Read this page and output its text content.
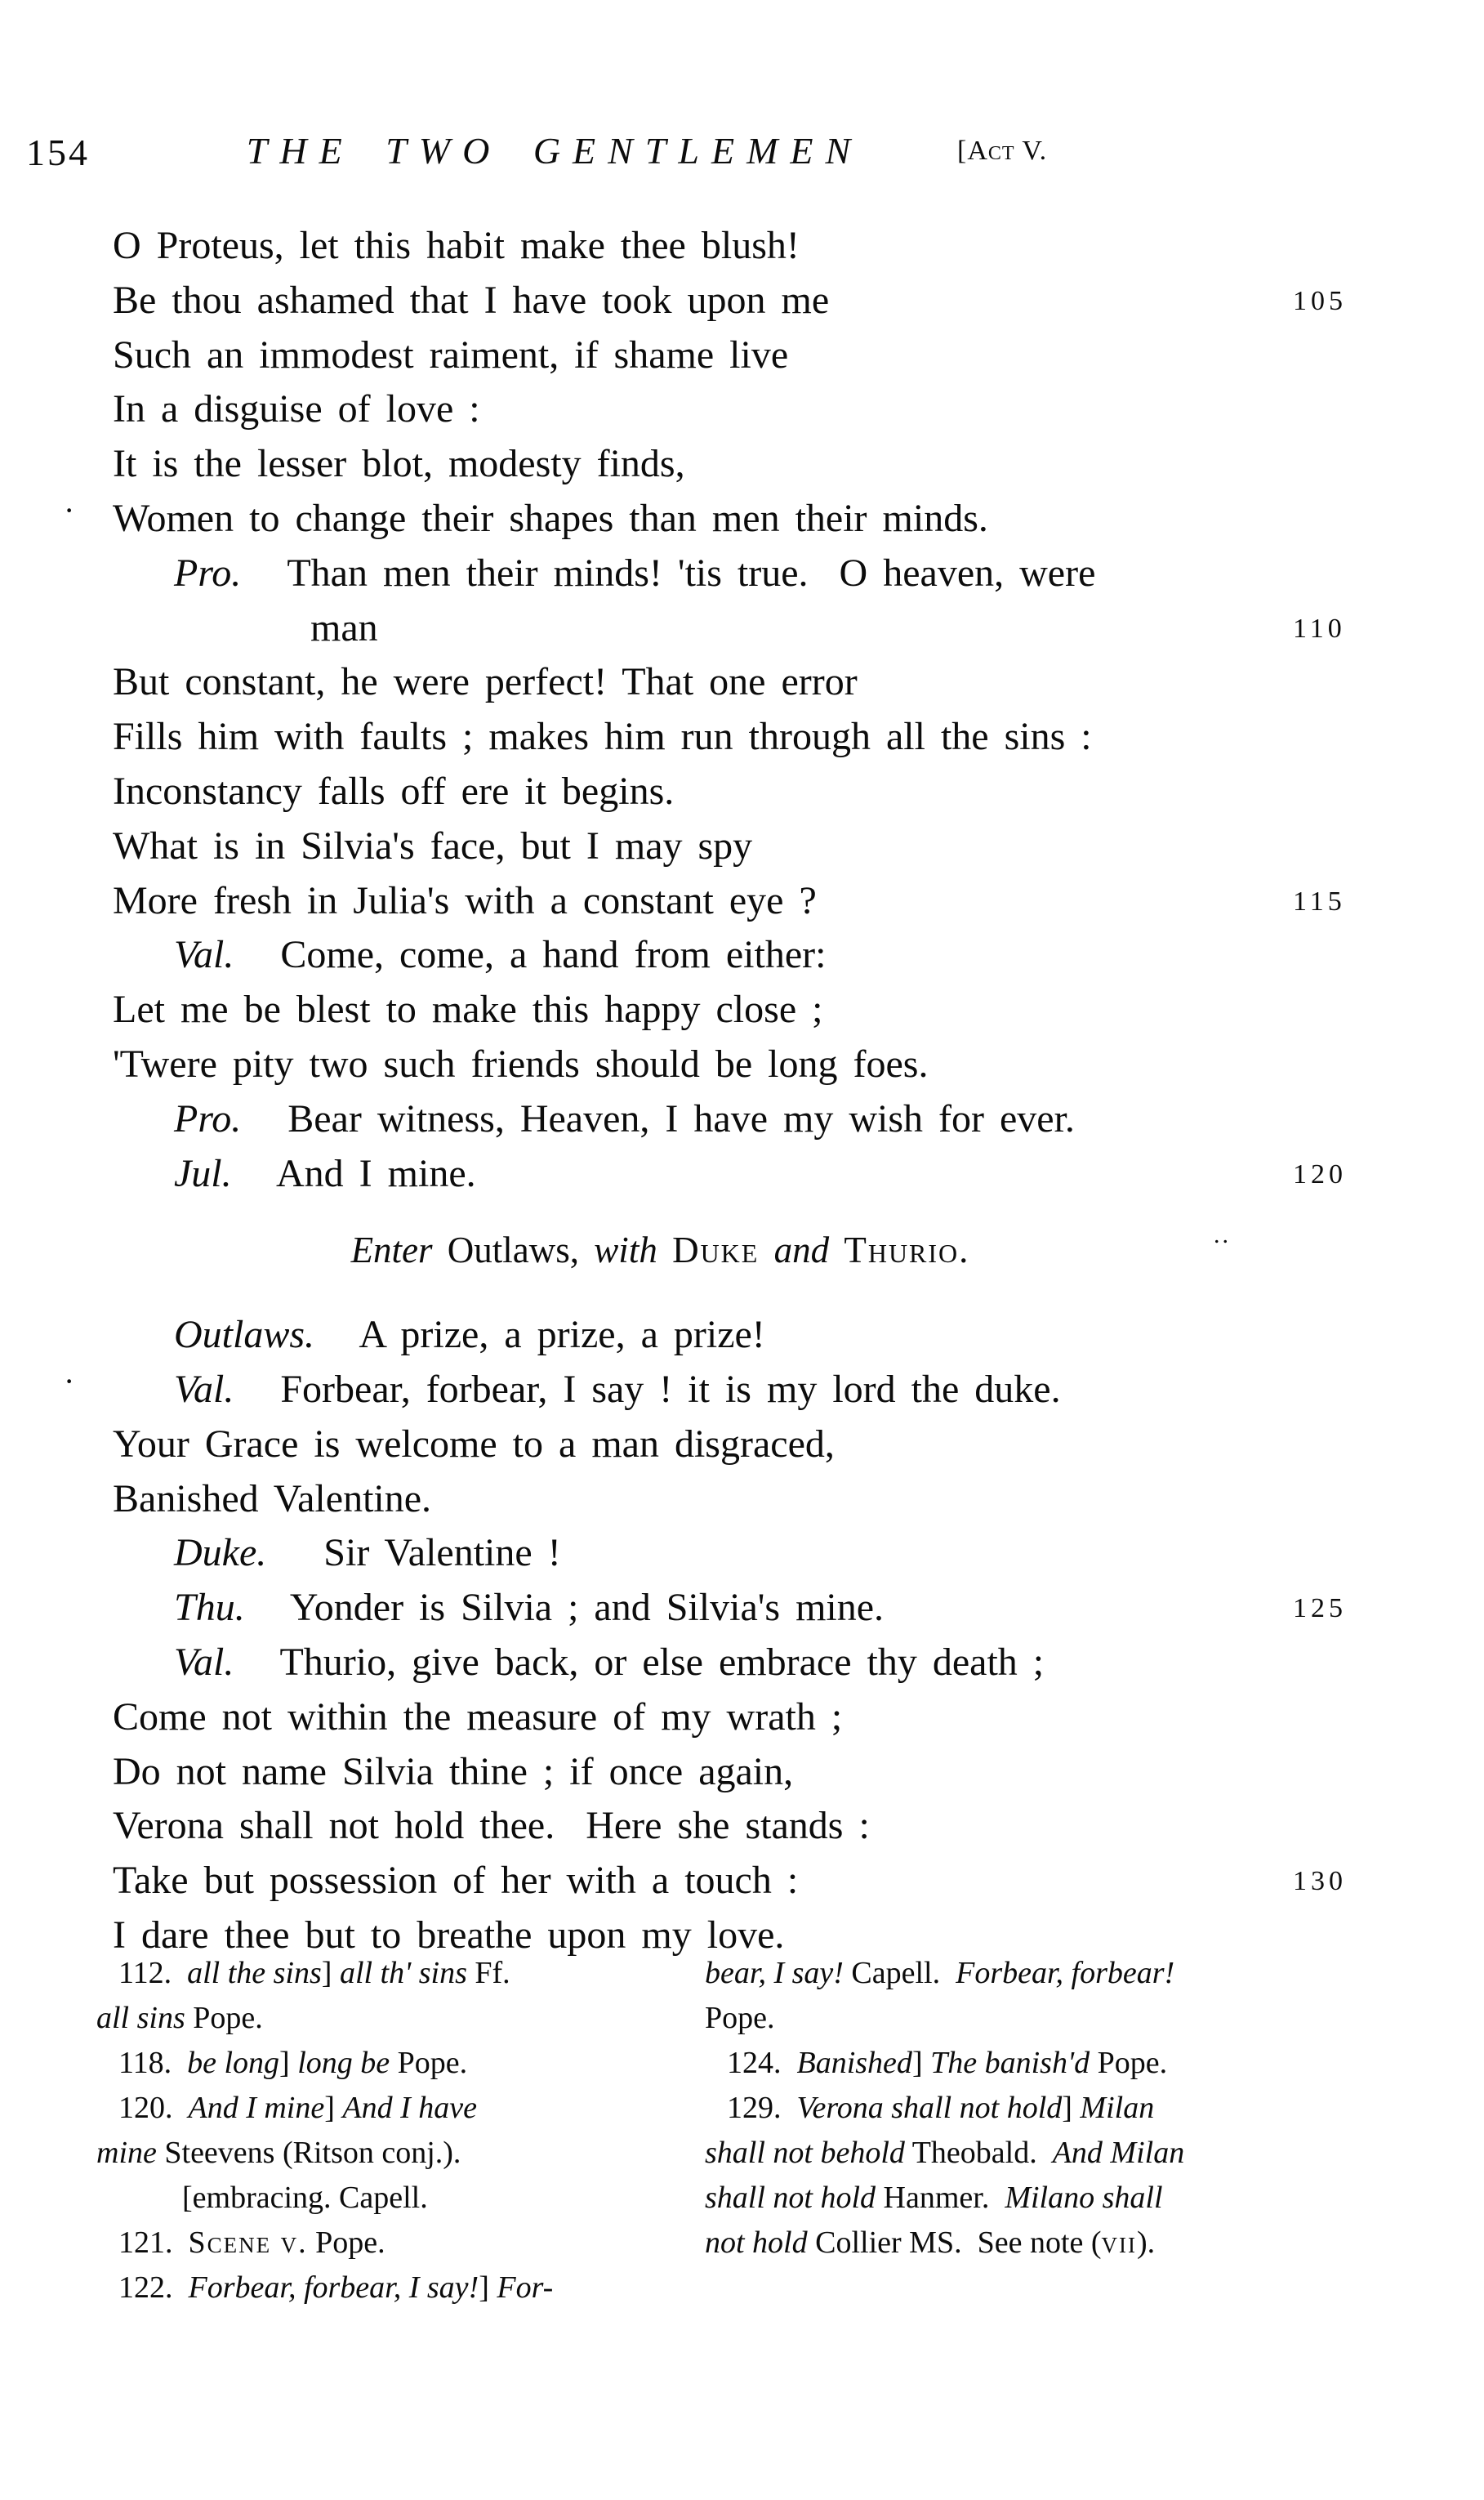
154	THE TWO GENTLEMEN	[Act V.
O Proteus, let this habit make thee blush!
Be thou ashamed that I have took upon me	105
Such an immodest raiment, if shame live
In a disguise of love :
It is the lesser blot, modesty finds,
Women to change their shapes than men their minds.
·
Pro.   Than men their minds! 'tis true.  O heaven, were
man	110
But constant, he were perfect! That one error
Fills him with faults ; makes him run through all the sins :
Inconstancy falls off ere it begins.
What is in Silvia's face, but I may spy
More fresh in Julia's with a constant eye ?	115
Val.   Come, come, a hand from either:
Let me be blest to make this happy close ;
'Twere pity two such friends should be long foes.
Pro.   Bear witness, Heaven, I have my wish for ever.
Jul.   And I mine.	120
Enter Outlaws, with Duke and Thurio.	..
Outlaws.   A prize, a prize, a prize!
Val.   Forbear, forbear, I say ! it is my lord the duke.
·
Your Grace is welcome to a man disgraced,
Banished Valentine.
Duke. Sir Valentine !
Thu.   Yonder is Silvia ; and Silvia's mine.	125
Val.   Thurio, give back, or else embrace thy death ;
Come not within the measure of my wrath ;
Do not name Silvia thine ; if once again,
Verona shall not hold thee.  Here she stands :
Take but possession of her with a touch :	130
I dare thee but to breathe upon my love.
112.  all the sins] all th' sins Ff.
all sins Pope.
118.  be long] long be Pope.
120.  And I mine] And I have
mine Steevens (Ritson conj.).
[embracing. Capell.
121.  Scene v. Pope.
122.  Forbear, forbear, I say!] For-
bear, I say! Capell.  Forbear, forbear!
Pope.
124.  Banished] The banish'd Pope.
129.  Verona shall not hold] Milan
shall not behold Theobald.  And Milan
shall not hold Hanmer.  Milano shall
not hold Collier MS.  See note (vii).
